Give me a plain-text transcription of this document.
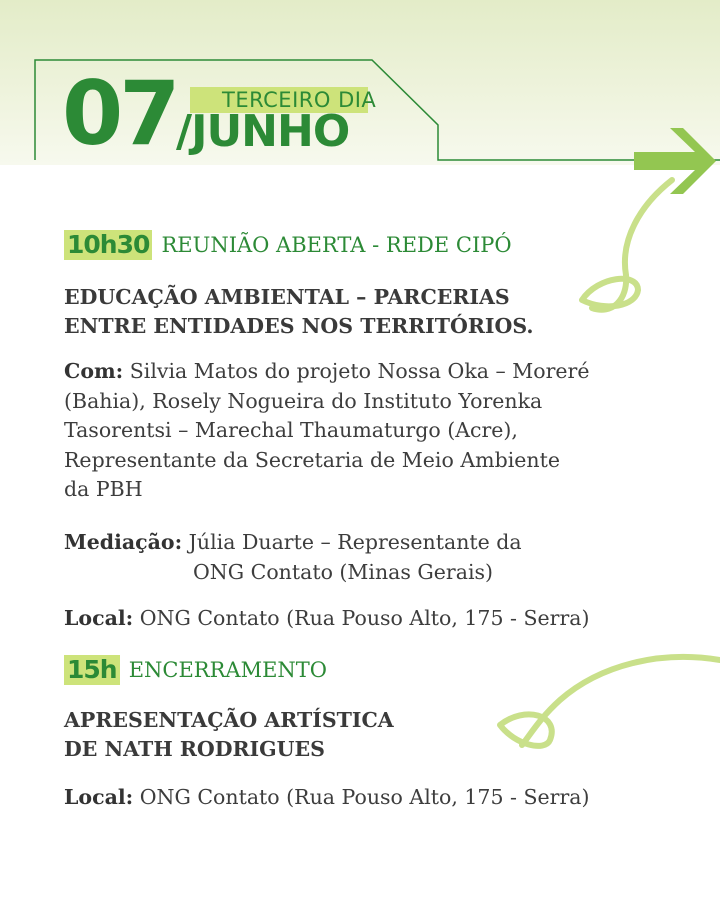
07 TERCEIRO DIA
/JUNHO
10h30 REUNIÃO ABERTA - REDE CIPÓ
EDUCAÇÃO AMBIENTAL – PARCERIAS
ENTRE ENTIDADES NOS TERRITÓRIOS.
Com: Silvia Matos do projeto Nossa Oka – Moreré
(Bahia), Rosely Nogueira do Instituto Yorenka
Tasorentsi – Marechal Thaumaturgo (Acre),
Representante da Secretaria de Meio Ambiente
da PBH
Mediação: Júlia Duarte – Representante da
ONG Contato (Minas Gerais)
Local: ONG Contato (Rua Pouso Alto, 175 - Serra)
15h ENCERRAMENTO
APRESENTAÇÃO ARTÍSTICA
DE NATH RODRIGUES
Local: ONG Contato (Rua Pouso Alto, 175 - Serra)
